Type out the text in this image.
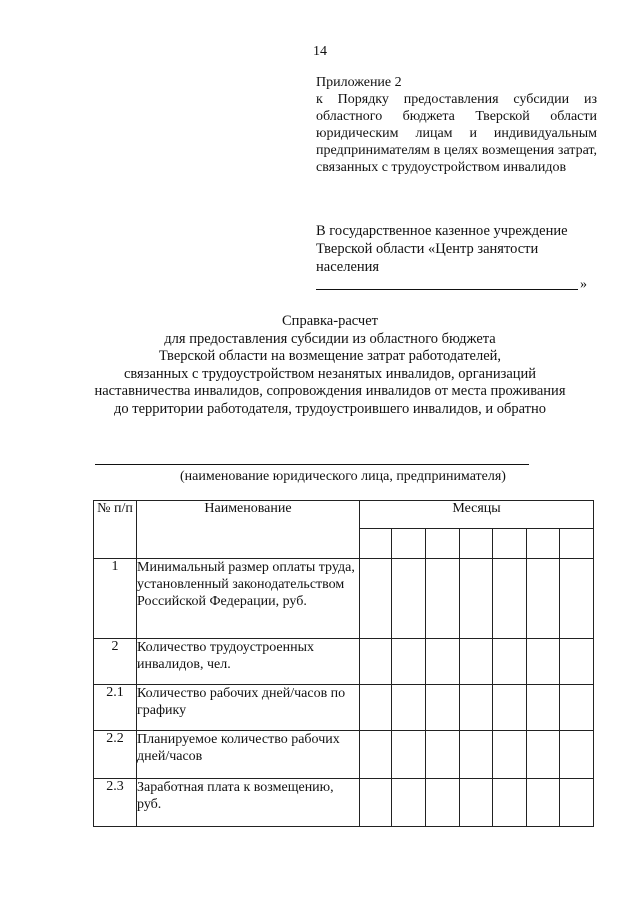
14
Приложение 2
к Порядку предоставления субсидии из областного бюджета Тверской области юридическим лицам и индивидуальным предпринимателям в целях возмещения затрат, связанных с трудоустройством инвалидов
В государственное казенное учреждение
Тверской области «Центр занятости
населения
»
Справка-расчет
для предоставления субсидии из областного бюджета
Тверской области на возмещение затрат работодателей,
связанных с трудоустройством незанятых инвалидов, организаций
наставничества инвалидов, сопровождения инвалидов от места проживания
до территории работодателя, трудоустроившего инвалидов, и обратно
(наименование юридического лица, предпринимателя)
№ п/п	Наименование	Месяцы						

1	Минимальный размер оплаты труда, установленный законодательством Российской Федерации, руб.							
2	Количество трудоустроенных инвалидов, чел.							
2.1	Количество рабочих дней/часов по графику							
2.2	Планируемое количество рабочих дней/часов							
2.3	Заработная плата к возмещению, руб.							
